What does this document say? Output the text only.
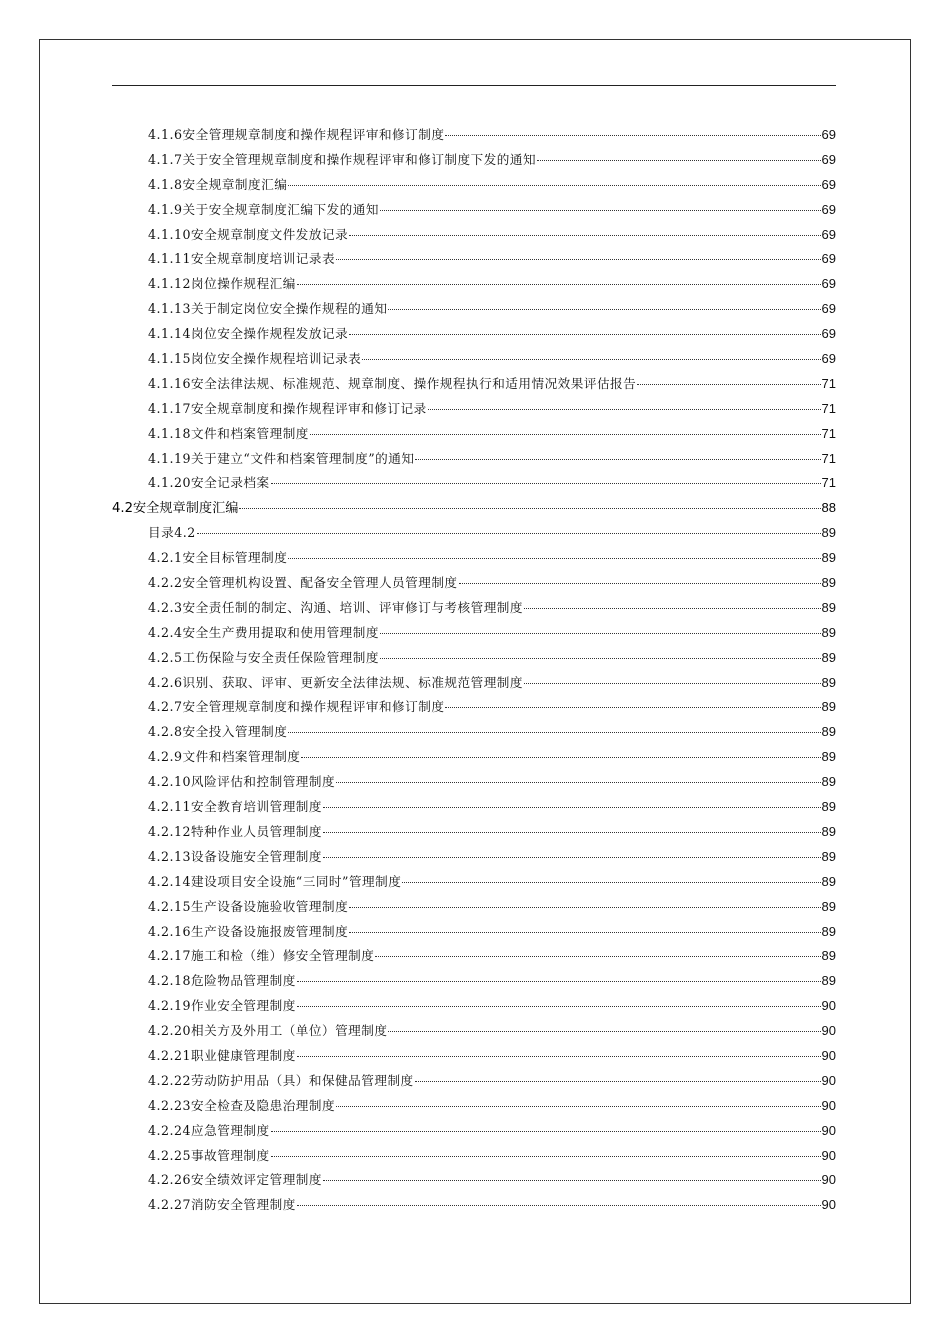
4.1.6安全管理规章制度和操作规程评审和修订制度	69
4.1.7关于安全管理规章制度和操作规程评审和修订制度下发的通知	69
4.1.8安全规章制度汇编	69
4.1.9关于安全规章制度汇编下发的通知	69
4.1.10安全规章制度文件发放记录	69
4.1.11安全规章制度培训记录表	69
4.1.12岗位操作规程汇编	69
4.1.13关于制定岗位安全操作规程的通知	69
4.1.14岗位安全操作规程发放记录	69
4.1.15岗位安全操作规程培训记录表	69
4.1.16安全法律法规、标准规范、规章制度、操作规程执行和适用情况效果评估报告	71
4.1.17安全规章制度和操作规程评审和修订记录	71
4.1.18文件和档案管理制度	71
4.1.19关于建立“文件和档案管理制度”的通知	71
4.1.20安全记录档案	71
4.2安全规章制度汇编	88
目录4.2	89
4.2.1安全目标管理制度	89
4.2.2安全管理机构设置、配备安全管理人员管理制度	89
4.2.3安全责任制的制定、沟通、培训、评审修订与考核管理制度	89
4.2.4安全生产费用提取和使用管理制度	89
4.2.5工伤保险与安全责任保险管理制度	89
4.2.6识别、获取、评审、更新安全法律法规、标准规范管理制度	89
4.2.7安全管理规章制度和操作规程评审和修订制度	89
4.2.8安全投入管理制度	89
4.2.9文件和档案管理制度	89
4.2.10风险评估和控制管理制度	89
4.2.11安全教育培训管理制度	89
4.2.12特种作业人员管理制度	89
4.2.13设备设施安全管理制度	89
4.2.14建设项目安全设施“三同时”管理制度	89
4.2.15生产设备设施验收管理制度	89
4.2.16生产设备设施报废管理制度	89
4.2.17施工和检（维）修安全管理制度	89
4.2.18危险物品管理制度	89
4.2.19作业安全管理制度	90
4.2.20相关方及外用工（单位）管理制度	90
4.2.21职业健康管理制度	90
4.2.22劳动防护用品（具）和保健品管理制度	90
4.2.23安全检查及隐患治理制度	90
4.2.24应急管理制度	90
4.2.25事故管理制度	90
4.2.26安全绩效评定管理制度	90
4.2.27消防安全管理制度	90
